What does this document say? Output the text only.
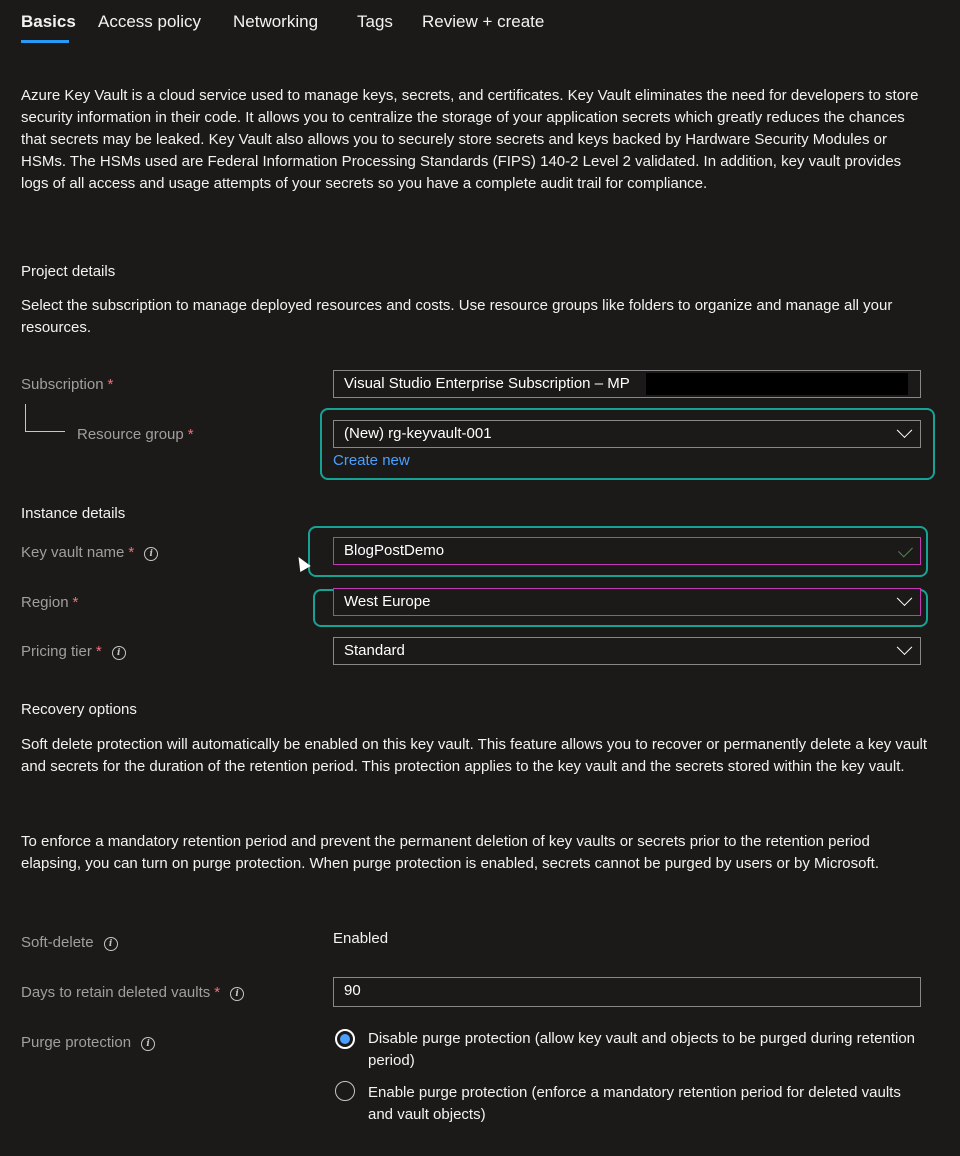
Basics Access policy Networking Tags Review + create
Azure Key Vault is a cloud service used to manage keys, secrets, and certificates. Key Vault eliminates the need for developers to store security information in their code. It allows you to centralize the storage of your application secrets which greatly reduces the chances that secrets may be leaked. Key Vault also allows you to securely store secrets and keys backed by Hardware Security Modules or HSMs. The HSMs used are Federal Information Processing Standards (FIPS) 140-2 Level 2 validated. In addition, key vault provides logs of all access and usage attempts of your secrets so you have a complete audit trail for compliance.
Project details
Select the subscription to manage deployed resources and costs. Use resource groups like folders to organize and manage all your resources.
Subscription *	Visual Studio Enterprise Subscription – MP
Resource group *	(New) rg-keyvault-001
Create new
Instance details
Key vault name * i	BlogPostDemo
Region *	West Europe
Pricing tier * i	Standard
Recovery options
Soft delete protection will automatically be enabled on this key vault. This feature allows you to recover or permanently delete a key vault and secrets for the duration of the retention period. This protection applies to the key vault and the secrets stored within the key vault.
To enforce a mandatory retention period and prevent the permanent deletion of key vaults or secrets prior to the retention period elapsing, you can turn on purge protection. When purge protection is enabled, secrets cannot be purged by users or by Microsoft.
Soft-delete i	Enabled
Days to retain deleted vaults * i	90
Purge protection i	Disable purge protection (allow key vault and objects to be purged during retention period)
Enable purge protection (enforce a mandatory retention period for deleted vaults and vault objects)
